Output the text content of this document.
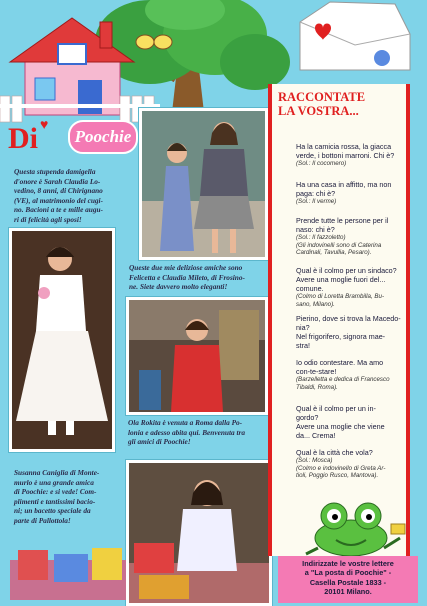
Di	Poochie
♥
Questa stupenda damigella
d'onore è Sarah Claudia Lo-
vedino, 8 anni, di Chirignano
(VE), al matrimonio del cugi-
no. Bacioni a te e mille augu-
ri di felicità agli sposi!
Queste due mie deliziose amiche sono
Felicetta e Claudia Mileto, di Frosino-
ne. Siete davvero molto eleganti!
Ola Rokita è venuta a Roma dalla Po-
lonia e adesso abita qui. Benvenuta tra
gli amici di Poochie!
Susanna Caniglia di Monte-
murlo è una grande amica
di Poochie: e si vede! Com-
plimenti e tantissimi bacio-
ni; un bacetto speciale da
parte di Pallottola!
RACCONTATE
LA VOSTRA...
Ha la camicia rossa, la giacca
verde, i bottoni marroni. Chi è?
(Sol.: Il cocomero)
Ha una casa in affitto, ma non
paga: chi è?
(Sol.: Il verme)
Prende tutte le persone per il
naso: chi è?
(Sol.: Il fazzoletto)
(Gli indovinelli sono di Caterina
Cardinali, Tavullia, Pesaro).
Qual è il colmo per un sindaco?
Avere una moglie fuori del...
comune.
(Colmo di Loretta Brambilla, Bu-
sano, Milano).
Pierino, dove si trova la Macedo-
nia?
Nel frigorifero, signora mae-
stra!
Io odio contestare. Ma amo
con-te-stare!
(Barzelletta e dedica di Francesco
Tibaldi, Roma).
Qual è il colmo per un in-
gordo?
Avere una moglie che viene
da... Crema!
Qual è la città che vola?
(Sol.: Mosca)
(Colmo e indovinello di Greta Ar-
tioli, Poggio Rusco, Mantova).
Indirizzate le vostre lettere
a "La posta di Poochie" -
Casella Postale 1833 -
20101 Milano.
